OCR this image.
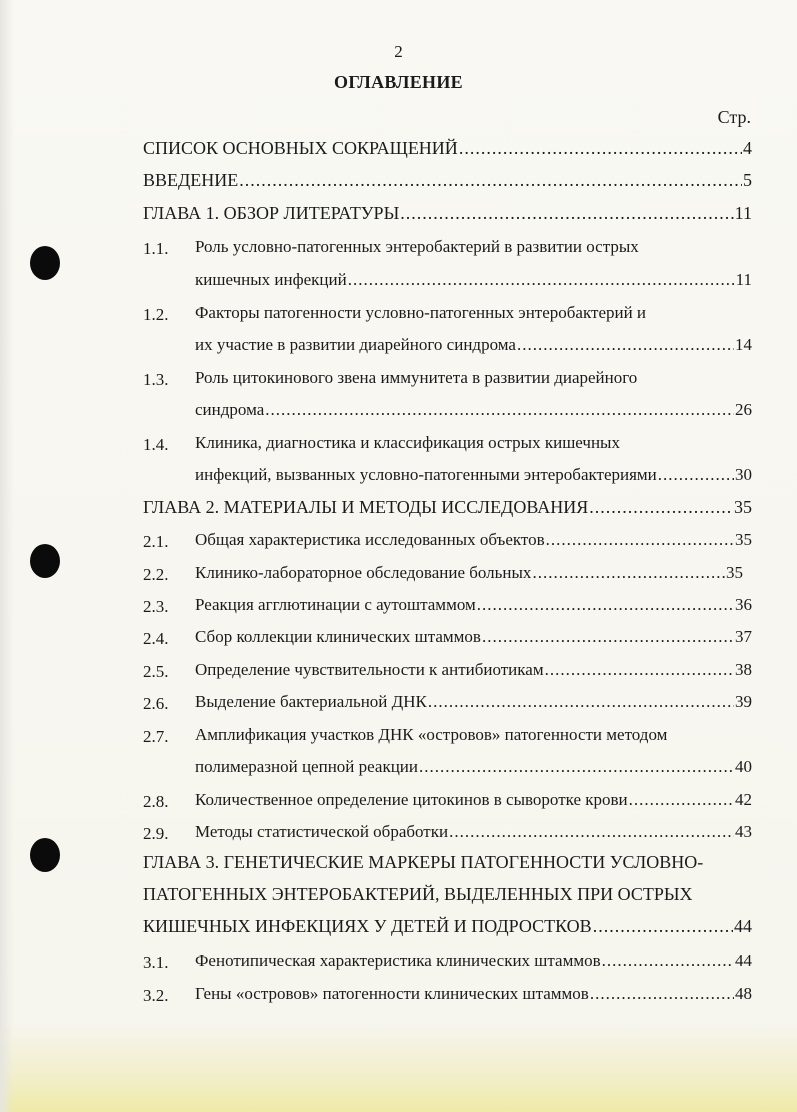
2
ОГЛАВЛЕНИЕ
Стр.
СПИСОК ОСНОВНЫХ СОКРАЩЕНИЙ .....	4
ВВЕДЕНИЕ .....	5
ГЛАВА 1. ОБЗОР ЛИТЕРАТУРЫ .....	11
1.1. Роль условно-патогенных энтеробактерий в развитии острых
кишечных инфекций .....	11
1.2. Факторы патогенности условно-патогенных энтеробактерий и
их участие в развитии диарейного синдрома .....	14
1.3. Роль цитокинового звена иммунитета в развитии диарейного
синдрома .....	26
1.4. Клиника, диагностика и классификация острых кишечных
инфекций, вызванных условно-патогенными энтеробактериями .....	30
ГЛАВА 2. МАТЕРИАЛЫ И МЕТОДЫ ИССЛЕДОВАНИЯ .....	35
2.1. Общая характеристика исследованных объектов .....	35
2.2. Клинико-лабораторное обследование больных .....	35
2.3. Реакция агглютинации с аутоштаммом .....	36
2.4. Сбор коллекции клинических штаммов .....	37
2.5. Определение чувствительности к антибиотикам .....	38
2.6. Выделение бактериальной ДНК .....	39
2.7. Амплификация участков ДНК «островов» патогенности методом
полимеразной цепной реакции .....	40
2.8. Количественное определение цитокинов в сыворотке крови .....	42
2.9. Методы статистической обработки .....	43
ГЛАВА 3. ГЕНЕТИЧЕСКИЕ МАРКЕРЫ ПАТОГЕННОСТИ УСЛОВНО-
ПАТОГЕННЫХ ЭНТЕРОБАКТЕРИЙ, ВЫДЕЛЕННЫХ ПРИ ОСТРЫХ
КИШЕЧНЫХ ИНФЕКЦИЯХ У ДЕТЕЙ И ПОДРОСТКОВ .....	44
3.1. Фенотипическая характеристика клинических штаммов .....	44
3.2. Гены «островов» патогенности клинических штаммов .....	48
